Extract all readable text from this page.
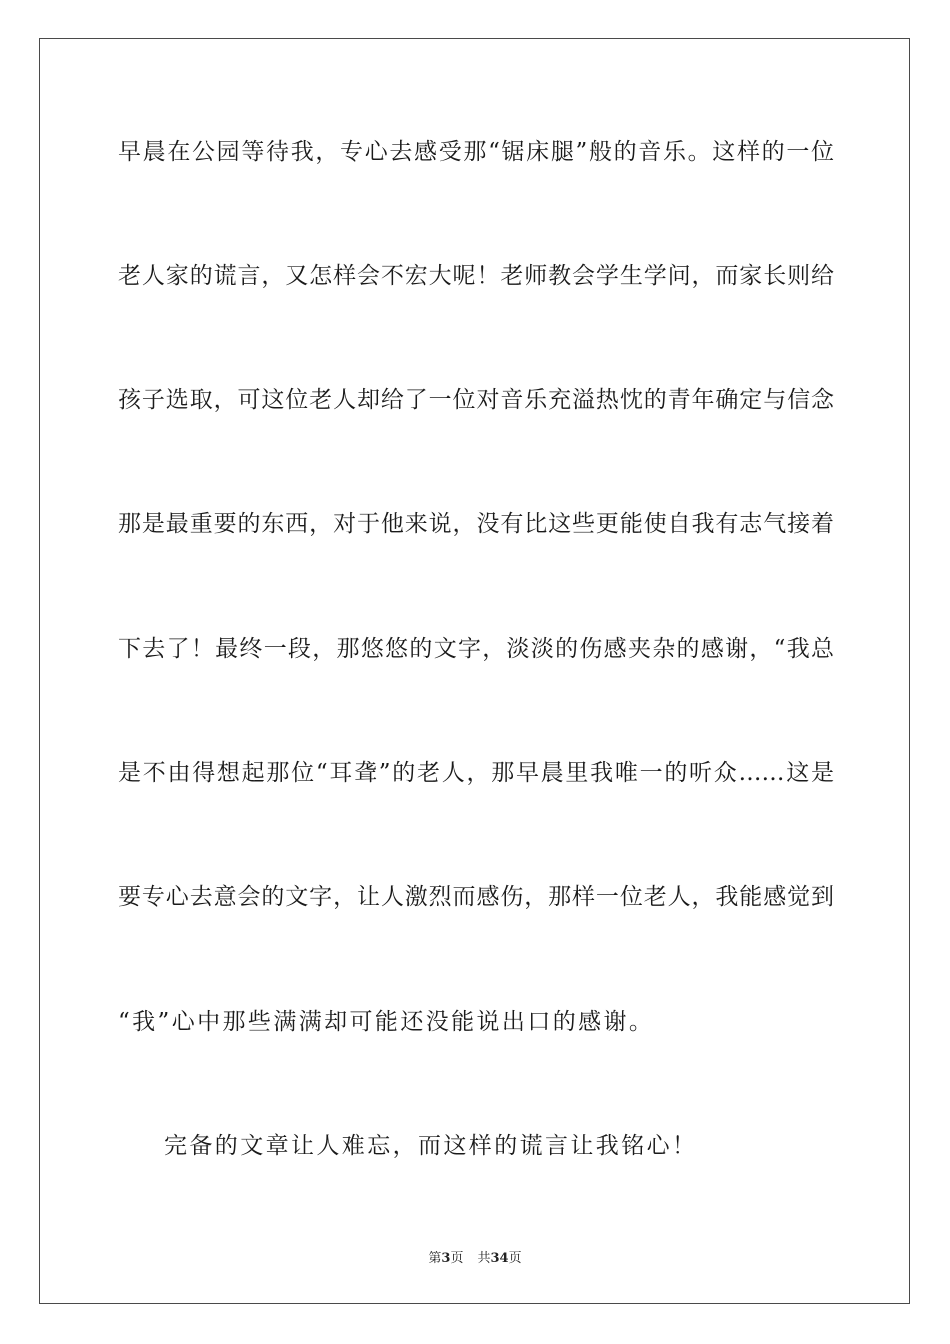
早晨在公园等待我，专心去感受那“锯床腿”般的音乐。这样的一位
老人家的谎言，又怎样会不宏大呢！老师教会学生学问，而家长则给
孩子选取，可这位老人却给了一位对音乐充溢热忱的青年确定与信念
那是最重要的东西，对于他来说，没有比这些更能使自我有志气接着
下去了！最终一段，那悠悠的文字，淡淡的伤感夹杂的感谢，“我总
是不由得想起那位“耳聋”的老人，那早晨里我唯一的听众……这是
要专心去意会的文字，让人激烈而感伤，那样一位老人，我能感觉到
“我”心中那些满满却可能还没能说出口的感谢。
完备的文章让人难忘，而这样的谎言让我铭心！
第3页 共34页
